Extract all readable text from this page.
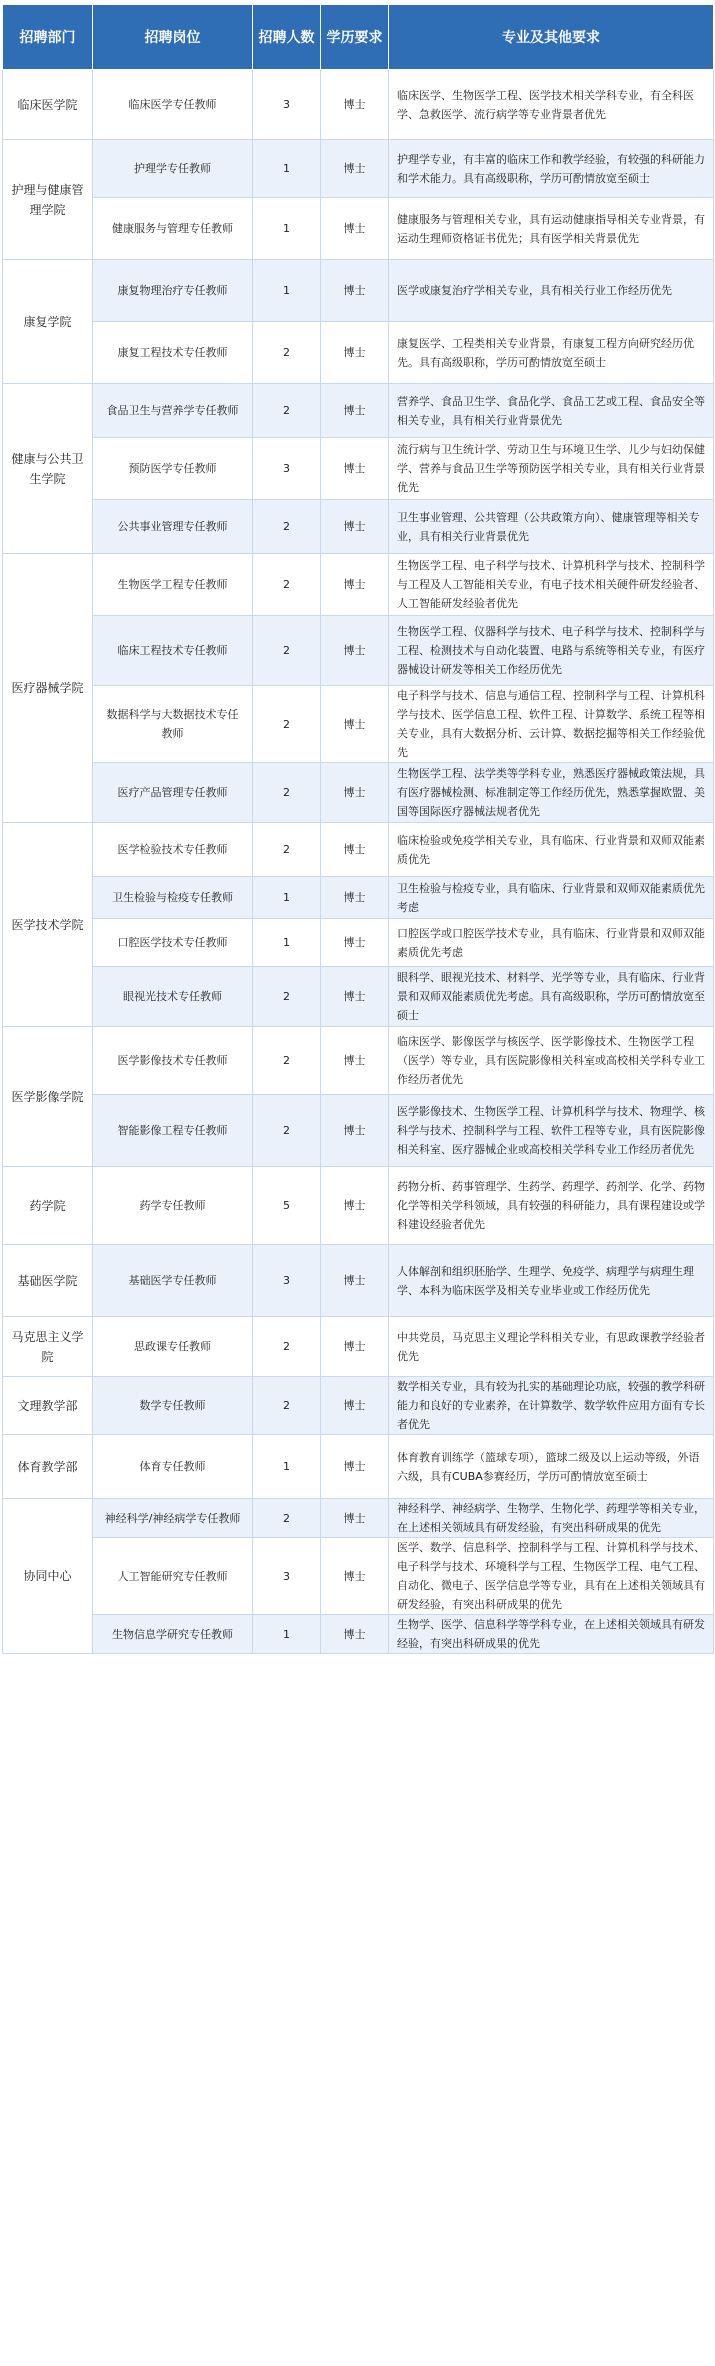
招聘部门	招聘岗位	招聘人数	学历要求	专业及其他要求
临床医学院	临床医学专任教师	3	博士	临床医学、生物医学工程、医学技术相关学科专业，有全科医学、急救医学、流行病学等专业背景者优先
护理与健康管理学院	护理学专任教师	1	博士	护理学专业，有丰富的临床工作和教学经验，有较强的科研能力和学术能力。具有高级职称，学历可酌情放宽至硕士
	健康服务与管理专任教师	1	博士	健康服务与管理相关专业，具有运动健康指导相关专业背景，有运动生理师资格证书优先；具有医学相关背景优先
康复学院	康复物理治疗专任教师	1	博士	医学或康复治疗学相关专业，具有相关行业工作经历优先
	康复工程技术专任教师	2	博士	康复医学、工程类相关专业背景，有康复工程方向研究经历优先。具有高级职称，学历可酌情放宽至硕士
健康与公共卫生学院	食品卫生与营养学专任教师	2	博士	营养学、食品卫生学、食品化学、食品工艺或工程、食品安全等相关专业，具有相关行业背景优先
	预防医学专任教师	3	博士	流行病与卫生统计学、劳动卫生与环境卫生学、儿少与妇幼保健学、营养与食品卫生学等预防医学相关专业，具有相关行业背景优先
	公共事业管理专任教师	2	博士	卫生事业管理、公共管理（公共政策方向）、健康管理等相关专业，具有相关行业背景优先
医疗器械学院	生物医学工程专任教师	2	博士	生物医学工程、电子科学与技术、计算机科学与技术、控制科学与工程及人工智能相关专业，有电子技术相关硬件研发经验者、人工智能研发经验者优先
	临床工程技术专任教师	2	博士	生物医学工程、仪器科学与技术、电子科学与技术、控制科学与工程、检测技术与自动化装置、电路与系统等相关专业，有医疗器械设计研发等相关工作经历优先
	数据科学与大数据技术专任教师	2	博士	电子科学与技术、信息与通信工程、控制科学与工程、计算机科学与技术、医学信息工程、软件工程、计算数学、系统工程等相关专业，具有大数据分析、云计算、数据挖掘等相关工作经验优先
	医疗产品管理专任教师	2	博士	生物医学工程、法学类等学科专业，熟悉医疗器械政策法规，具有医疗器械检测、标准制定等工作经历优先，熟悉掌握欧盟、美国等国际医疗器械法规者优先
医学技术学院	医学检验技术专任教师	2	博士	临床检验或免疫学相关专业，具有临床、行业背景和双师双能素质优先
	卫生检验与检疫专任教师	1	博士	卫生检验与检疫专业，具有临床、行业背景和双师双能素质优先考虑
	口腔医学技术专任教师	1	博士	口腔医学或口腔医学技术专业，具有临床、行业背景和双师双能素质优先考虑
	眼视光技术专任教师	2	博士	眼科学、眼视光技术、材料学、光学等专业，具有临床、行业背景和双师双能素质优先考虑。具有高级职称，学历可酌情放宽至硕士
医学影像学院	医学影像技术专任教师	2	博士	临床医学、影像医学与核医学、医学影像技术、生物医学工程（医学）等专业，具有医院影像相关科室或高校相关学科专业工作经历者优先
	智能影像工程专任教师	2	博士	医学影像技术、生物医学工程、计算机科学与技术、物理学、核科学与技术、控制科学与工程、软件工程等专业，具有医院影像相关科室、医疗器械企业或高校相关学科专业工作经历者优先
药学院	药学专任教师	5	博士	药物分析、药事管理学、生药学、药理学、药剂学、化学、药物化学等相关学科领域，具有较强的科研能力，具有课程建设或学科建设经验者优先
基础医学院	基础医学专任教师	3	博士	人体解剖和组织胚胎学、生理学、免疫学、病理学与病理生理学、本科为临床医学及相关专业毕业或工作经历优先
马克思主义学院	思政课专任教师	2	博士	中共党员，马克思主义理论学科相关专业，有思政课教学经验者优先
文理教学部	数学专任教师	2	博士	数学相关专业，具有较为扎实的基础理论功底，较强的教学科研能力和良好的专业素养，在计算数学、数学软件应用方面有专长者优先
体育教学部	体育专任教师	1	博士	体育教育训练学（篮球专项），篮球二级及以上运动等级，外语六级，具有CUBA参赛经历，学历可酌情放宽至硕士
协同中心	神经科学/神经病学专任教师	2	博士	神经科学、神经病学、生物学、生物化学、药理学等相关专业，在上述相关领域具有研发经验，有突出科研成果的优先
	人工智能研究专任教师	3	博士	医学、数学、信息科学、控制科学与工程、计算机科学与技术、电子科学与技术、环境科学与工程、生物医学工程、电气工程、自动化、微电子、医学信息学等专业，具有在上述相关领域具有研发经验，有突出科研成果的优先
	生物信息学研究专任教师	1	博士	生物学、医学、信息科学等学科专业，在上述相关领域具有研发经验，有突出科研成果的优先
